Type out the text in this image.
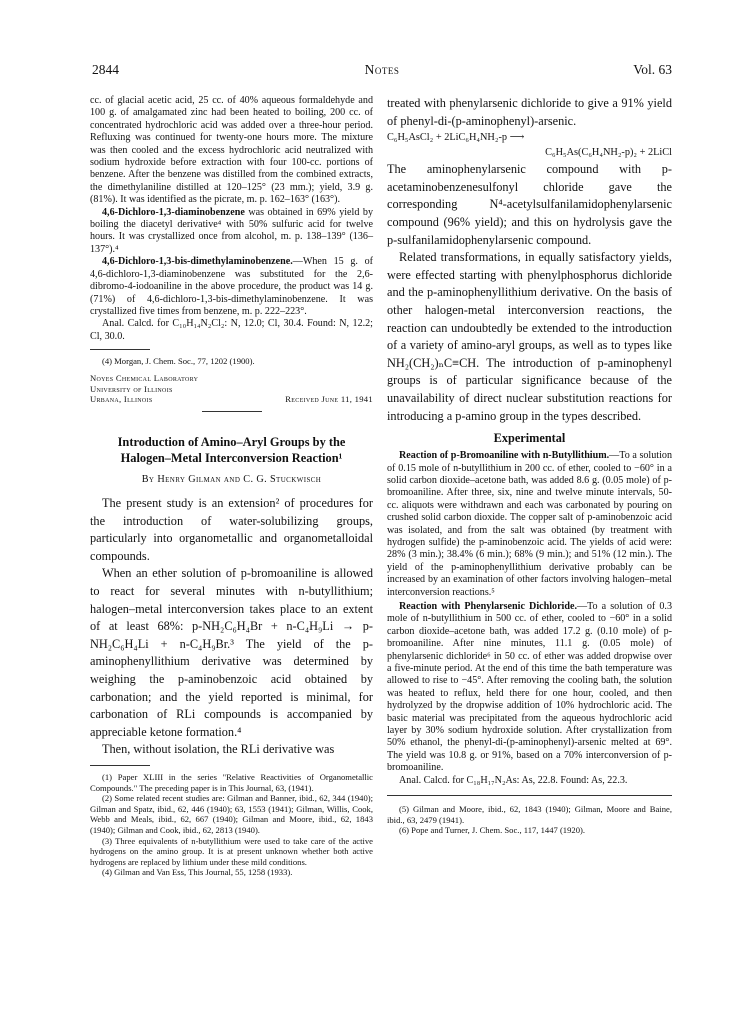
2844	Notes	Vol. 63

cc. of glacial acetic acid, 25 cc. of 40% aqueous formaldehyde and 100 g. of amalgamated zinc had been heated to boiling, 200 cc. of concentrated hydrochloric acid was added over a three-hour period. Refluxing was continued for twenty-one hours more. The mixture was then cooled and the excess hydrochloric acid neutralized with sodium hydroxide before extraction with four 100-cc. portions of benzene. After the benzene was distilled from the combined extracts, the dimethylaniline distilled at 120–125° (23 mm.); yield, 3.9 g. (81%). It was identified as the picrate, m. p. 162–163° (163°).

4,6-Dichloro-1,3-diaminobenzene was obtained in 69% yield by boiling the diacetyl derivative⁴ with 50% sulfuric acid for twelve hours. It was crystallized once from alcohol, m. p. 138–139° (136–137°).⁴

4,6-Dichloro-1,3-bis-dimethylaminobenzene.—When 15 g. of 4,6-dichloro-1,3-diaminobenzene was substituted for the 2,6-dibromo-4-iodoaniline in the above procedure, the product was 14 g. (71%) of 4,6-dichloro-1,3-bis-dimethylaminobenzene. It was crystallized five times from benzene, m. p. 222–223°.

Anal. Calcd. for C₁₀H₁₄N₂Cl₂: N, 12.0; Cl, 30.4. Found: N, 12.2; Cl, 30.0.

(4) Morgan, J. Chem. Soc., 77, 1202 (1900).

Noyes Chemical Laboratory
University of Illinois
Urbana, Illinois	Received June 11, 1941
Introduction of Amino–Aryl Groups by the Halogen–Metal Interconversion Reaction¹
By Henry Gilman and C. G. Stuckwisch

The present study is an extension² of procedures for the introduction of water-solubilizing groups, particularly into organometallic and organometalloidal compounds.

When an ether solution of p-bromoaniline is allowed to react for several minutes with n-butyllithium; halogen–metal interconversion takes place to an extent of at least 68%: p-NH₂C₆H₄Br + n-C₄H₉Li → p-NH₂C₆H₄Li + n-C₄H₉Br.³ The yield of the p-aminophenyllithium derivative was determined by weighing the p-aminobenzoic acid obtained by carbonation; and the yield reported is minimal, for carbonation of RLi compounds is accompanied by appreciable ketone formation.⁴

Then, without isolation, the RLi derivative was

(1) Paper XLIII in the series "Relative Reactivities of Organometallic Compounds." The preceding paper is in This Journal, 63, (1941).

(2) Some related recent studies are: Gilman and Banner, ibid., 62, 344 (1940); Gilman and Spatz, ibid., 62, 446 (1940); 63, 1553 (1941); Gilman, Willis, Cook, Webb and Meals, ibid., 62, 667 (1940); Gilman and Moore, ibid., 62, 1843 (1940); Gilman and Cook, ibid., 62, 2813 (1940).

(3) Three equivalents of n-butyllithium were used to take care of the active hydrogens on the amino group. It is at present unknown whether both active hydrogens are replaced by lithium under these mild conditions.

(4) Gilman and Van Ess, This Journal, 55, 1258 (1933).

treated with phenylarsenic dichloride to give a 91% yield of phenyl-di-(p-aminophenyl)-arsenic.

C₆H₅AsCl₂ + 2LiC₆H₄NH₂-p ⟶
C₆H₅As(C₆H₄NH₂-p)₂ + 2LiCl

The aminophenylarsenic compound with p-acetaminobenzenesulfonyl chloride gave the corresponding N⁴-acetylsulfanilamidophenylarsenic compound (96% yield); and this on hydrolysis gave the p-sulfanilamidophenylarsenic compound.

Related transformations, in equally satisfactory yields, were effected starting with phenylphosphorus dichloride and the p-aminophenyllithium derivative. On the basis of other halogen-metal interconversion reactions, the reaction can undoubtedly be extended to the introduction of a variety of amino-aryl groups, as well as to types like NH₂(CH₂)ₙC≡CH. The introduction of p-aminophenyl groups is of particular significance because of the unavailability of direct nuclear substitution reactions for introducing a p-amino group in the types described.

Experimental

Reaction of p-Bromoaniline with n-Butyllithium.—To a solution of 0.15 mole of n-butyllithium in 200 cc. of ether, cooled to −60° in a solid carbon dioxide–acetone bath, was added 8.6 g. (0.05 mole) of p-bromoaniline. After three, six, nine and twelve minute intervals, 50-cc. aliquots were withdrawn and each was carbonated by pouring on crushed solid carbon dioxide. The copper salt of p-aminobenzoic acid was isolated, and from the salt was obtained (by treatment with hydrogen sulfide) the p-aminobenzoic acid. The yields of acid were: 28% (3 min.); 38.4% (6 min.); 68% (9 min.); and 51% (12 min.). The yield of the p-aminophenyllithium derivative probably can be increased by an examination of other factors involving halogen–metal interconversion reactions.⁵

Reaction with Phenylarsenic Dichloride.—To a solution of 0.3 mole of n-butyllithium in 500 cc. of ether, cooled to −60° in a solid carbon dioxide–acetone bath, was added 17.2 g. (0.10 mole) of p-bromoaniline. After nine minutes, 11.1 g. (0.05 mole) of phenylarsenic dichloride⁶ in 50 cc. of ether was added dropwise over a five-minute period. At the end of this time the bath temperature was allowed to rise to −45°. After removing the cooling bath, the solution was heated to reflux, held there for one hour, cooled, and then hydrolyzed by the dropwise addition of 10% hydrochloric acid. The basic material was precipitated from the aqueous hydrochloric acid layer by 30% sodium hydroxide solution. After crystallization from 50% ethanol, the phenyl-di-(p-aminophenyl)-arsenic melted at 69°. The yield was 10.8 g. or 91%, based on a 70% interconversion of p-bromoaniline.

Anal. Calcd. for C₁₈H₁₇N₂As: As, 22.8. Found: As, 22.3.

(5) Gilman and Moore, ibid., 62, 1843 (1940); Gilman, Moore and Baine, ibid., 63, 2479 (1941).

(6) Pope and Turner, J. Chem. Soc., 117, 1447 (1920).
